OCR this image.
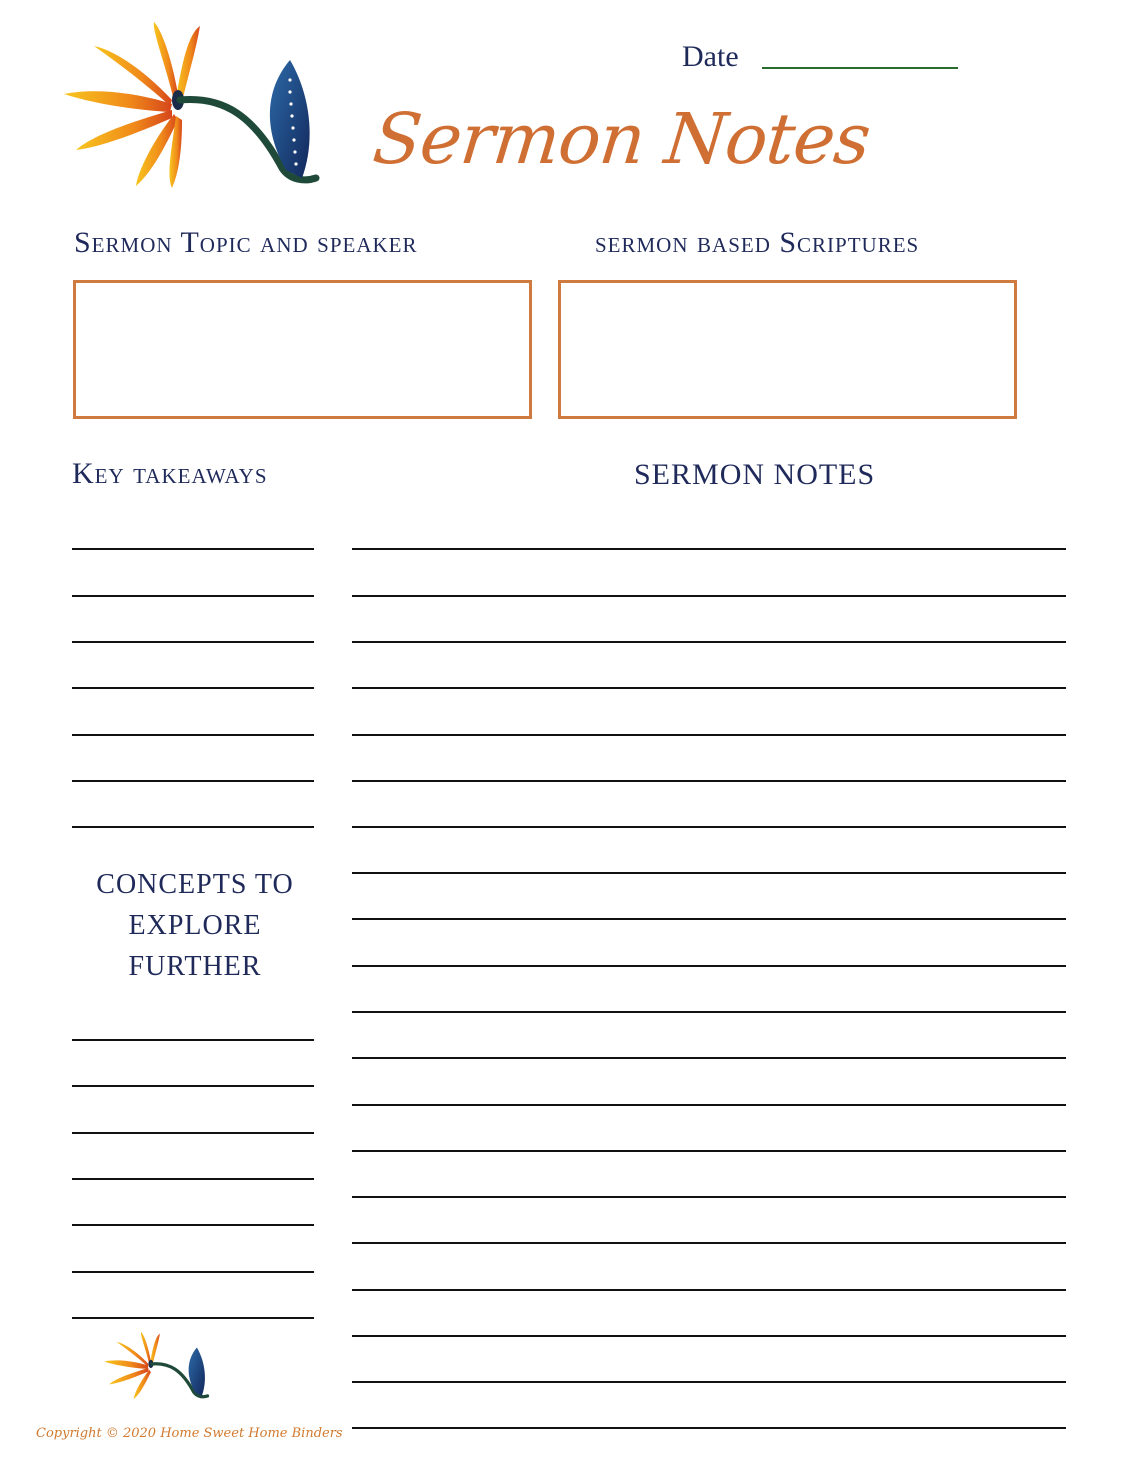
Date
Sermon Notes
Sermon Topic and speaker	sermon based Scriptures
Key takeaways	SERMON NOTES
CONCEPTS TO
EXPLORE
FURTHER
Copyright © 2020 Home Sweet Home Binders
